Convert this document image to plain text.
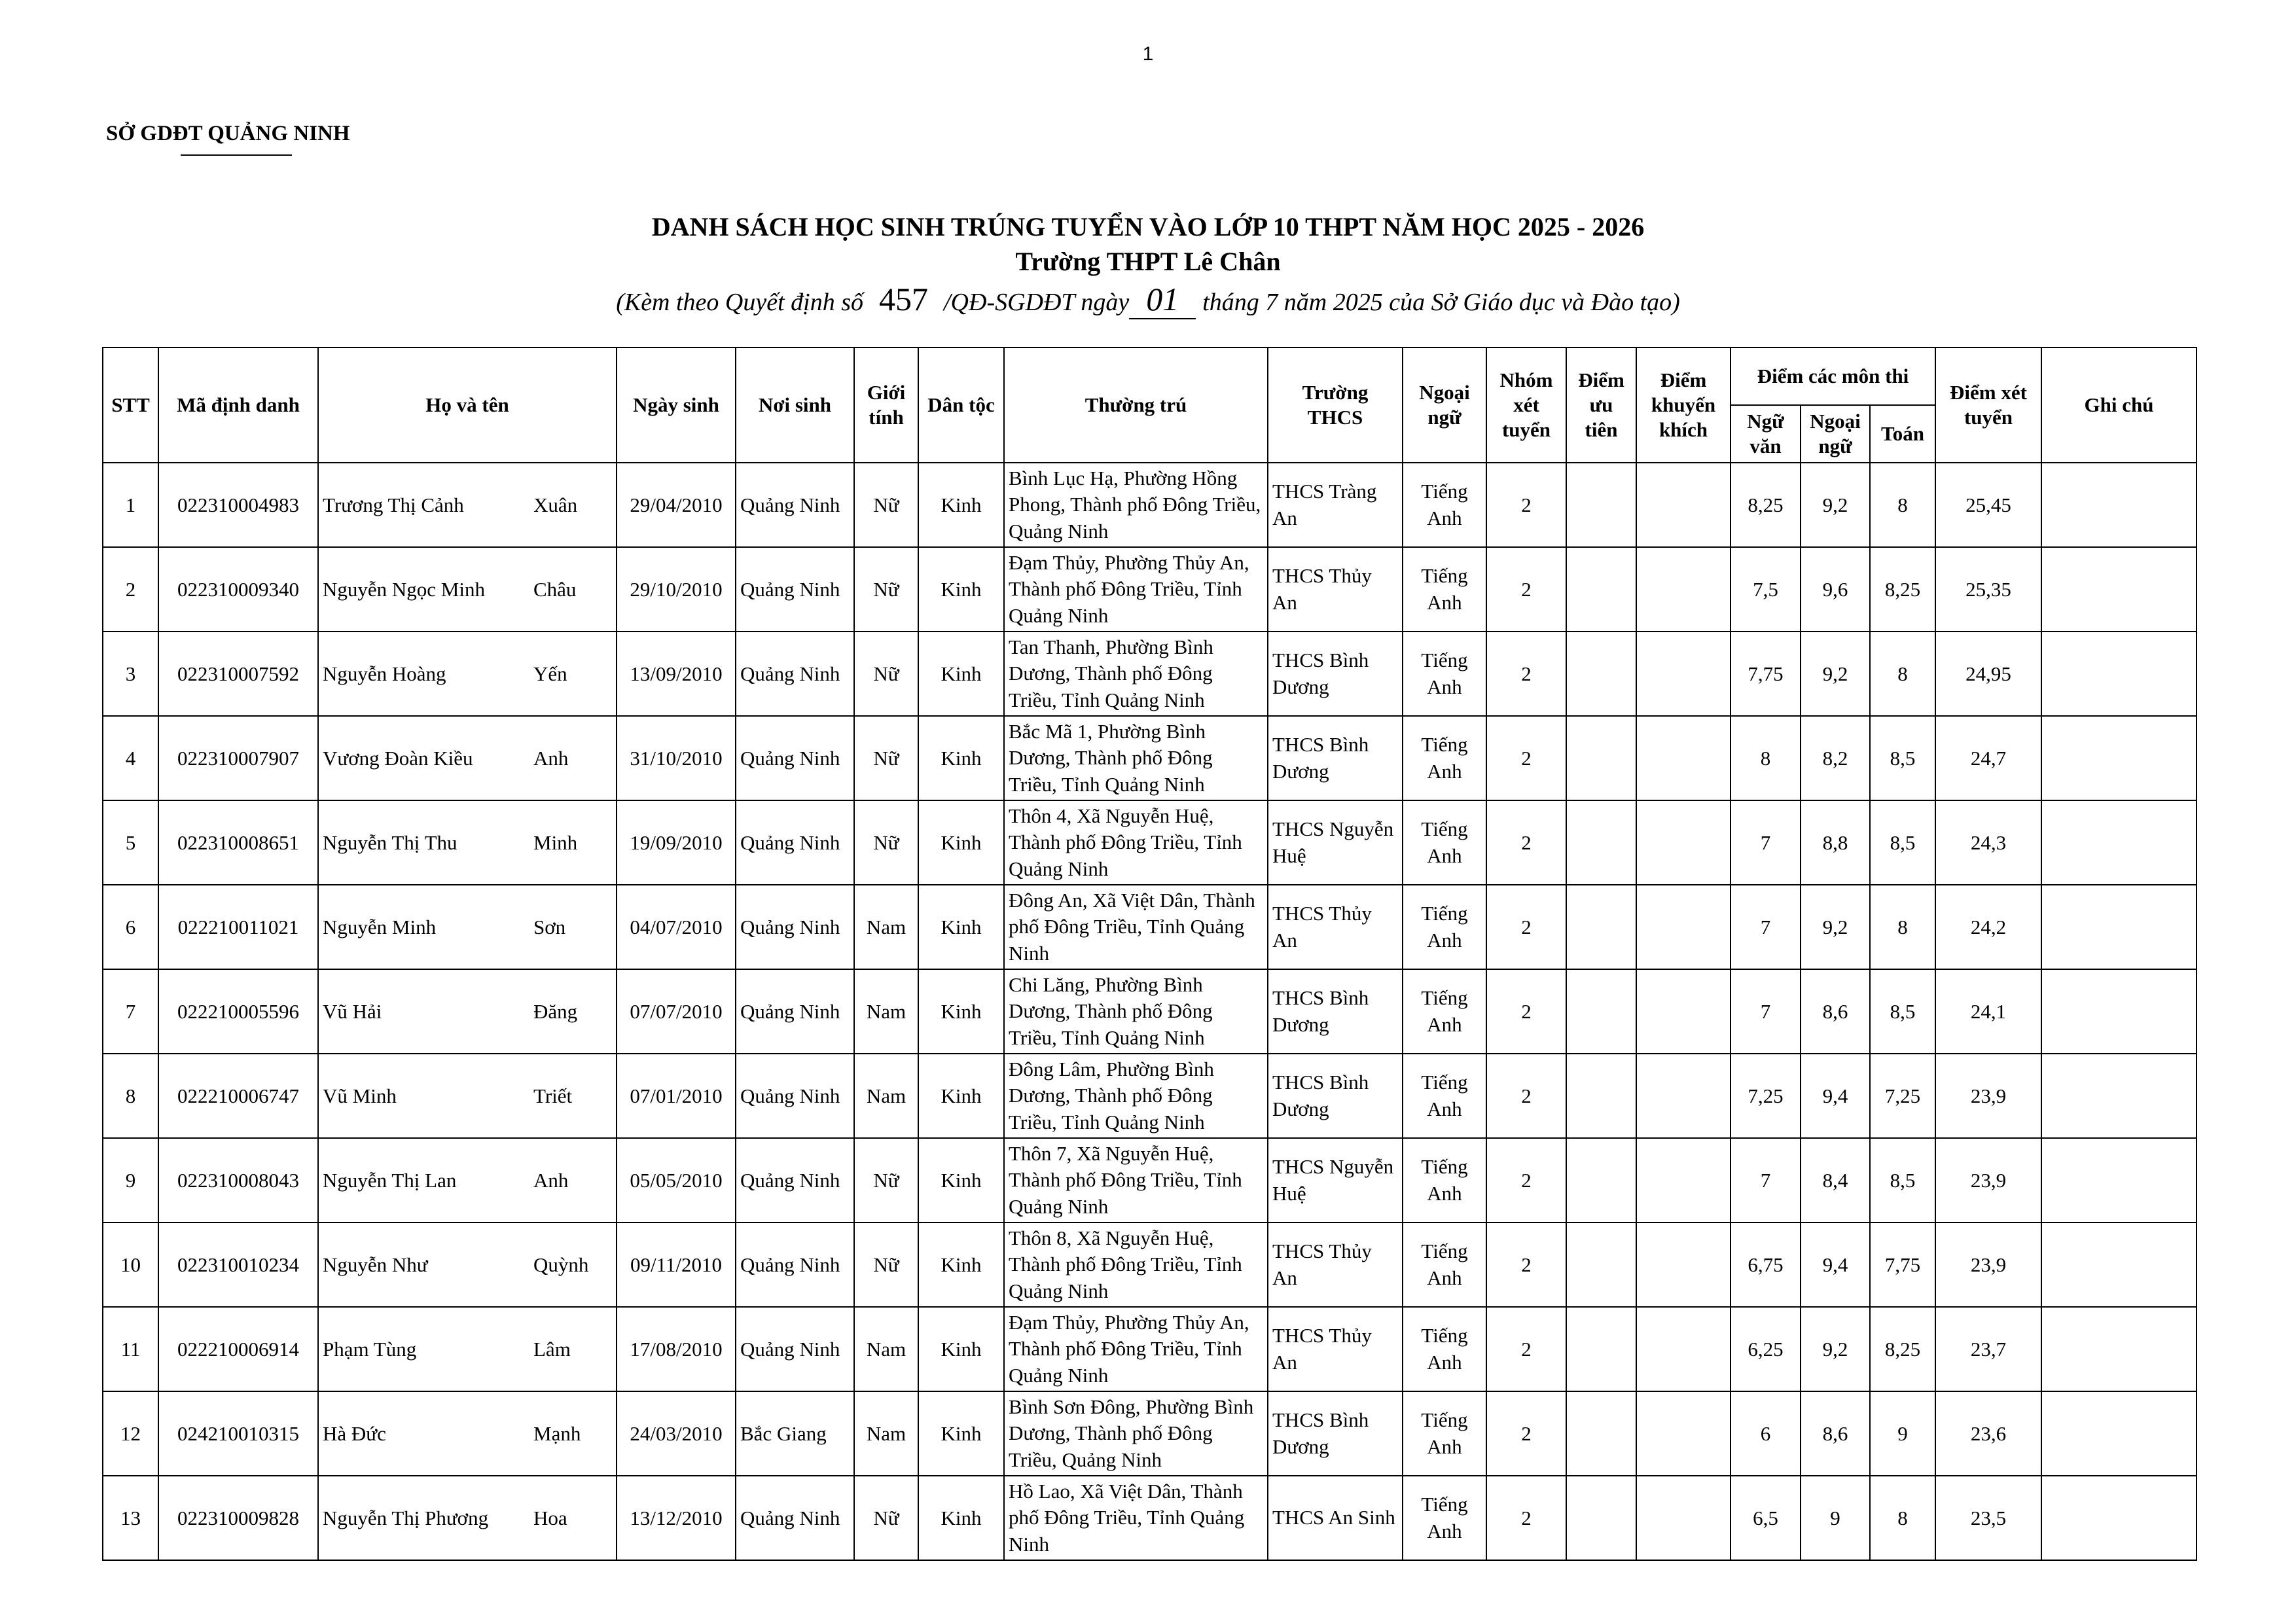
1
SỞ GDĐT QUẢNG NINH
DANH SÁCH HỌC SINH TRÚNG TUYỂN VÀO LỚP 10 THPT NĂM HỌC 2025 - 2026
Trường THPT Lê Chân
(Kèm theo Quyết định số 457 /QĐ-SGDĐT ngày 01 tháng 7 năm 2025 của Sở Giáo dục và Đào tạo)
STT	Mã định danh	Họ và tên	Ngày sinh	Nơi sinh	Giới tính	Dân tộc	Thường trú	Trường THCS	Ngoại ngữ	Nhóm xét tuyển	Điểm ưu tiên	Điểm khuyến khích	Điểm các môn thi			Điểm xét tuyển	Ghi chú
													Ngữ văn	Ngoại ngữ	Toán		
1	022310004983	Trương Thị Cảnh Xuân	29/04/2010	Quảng Ninh	Nữ	Kinh	Bình Lục Hạ, Phường Hồng Phong, Thành phố Đông Triều, Quảng Ninh	THCS Tràng An	Tiếng Anh	2			8,25	9,2	8	25,45	
2	022310009340	Nguyễn Ngọc Minh Châu	29/10/2010	Quảng Ninh	Nữ	Kinh	Đạm Thủy, Phường Thủy An, Thành phố Đông Triều, Tỉnh Quảng Ninh	THCS Thủy An	Tiếng Anh	2			7,5	9,6	8,25	25,35	
3	022310007592	Nguyễn Hoàng Yến	13/09/2010	Quảng Ninh	Nữ	Kinh	Tan Thanh, Phường Bình Dương, Thành phố Đông Triều, Tỉnh Quảng Ninh	THCS Bình Dương	Tiếng Anh	2			7,75	9,2	8	24,95	
4	022310007907	Vương Đoàn Kiều Anh	31/10/2010	Quảng Ninh	Nữ	Kinh	Bắc Mã 1, Phường Bình Dương, Thành phố Đông Triều, Tỉnh Quảng Ninh	THCS Bình Dương	Tiếng Anh	2			8	8,2	8,5	24,7	
5	022310008651	Nguyễn Thị Thu Minh	19/09/2010	Quảng Ninh	Nữ	Kinh	Thôn 4, Xã Nguyễn Huệ, Thành phố Đông Triều, Tỉnh Quảng Ninh	THCS Nguyễn Huệ	Tiếng Anh	2			7	8,8	8,5	24,3	
6	022210011021	Nguyễn Minh Sơn	04/07/2010	Quảng Ninh	Nam	Kinh	Đông An, Xã Việt Dân, Thành phố Đông Triều, Tỉnh Quảng Ninh	THCS Thủy An	Tiếng Anh	2			7	9,2	8	24,2	
7	022210005596	Vũ Hải Đăng	07/07/2010	Quảng Ninh	Nam	Kinh	Chi Lăng, Phường Bình Dương, Thành phố Đông Triều, Tỉnh Quảng Ninh	THCS Bình Dương	Tiếng Anh	2			7	8,6	8,5	24,1	
8	022210006747	Vũ Minh Triết	07/01/2010	Quảng Ninh	Nam	Kinh	Đông Lâm, Phường Bình Dương, Thành phố Đông Triều, Tỉnh Quảng Ninh	THCS Bình Dương	Tiếng Anh	2			7,25	9,4	7,25	23,9	
9	022310008043	Nguyễn Thị Lan Anh	05/05/2010	Quảng Ninh	Nữ	Kinh	Thôn 7, Xã Nguyễn Huệ, Thành phố Đông Triều, Tỉnh Quảng Ninh	THCS Nguyễn Huệ	Tiếng Anh	2			7	8,4	8,5	23,9	
10	022310010234	Nguyễn Như Quỳnh	09/11/2010	Quảng Ninh	Nữ	Kinh	Thôn 8, Xã Nguyễn Huệ, Thành phố Đông Triều, Tỉnh Quảng Ninh	THCS Thủy An	Tiếng Anh	2			6,75	9,4	7,75	23,9	
11	022210006914	Phạm Tùng Lâm	17/08/2010	Quảng Ninh	Nam	Kinh	Đạm Thủy, Phường Thủy An, Thành phố Đông Triều, Tỉnh Quảng Ninh	THCS Thủy An	Tiếng Anh	2			6,25	9,2	8,25	23,7	
12	024210010315	Hà Đức Mạnh	24/03/2010	Bắc Giang	Nam	Kinh	Bình Sơn Đông, Phường Bình Dương, Thành phố Đông Triều, Quảng Ninh	THCS Bình Dương	Tiếng Anh	2			6	8,6	9	23,6	
13	022310009828	Nguyễn Thị Phương Hoa	13/12/2010	Quảng Ninh	Nữ	Kinh	Hồ Lao, Xã Việt Dân, Thành phố Đông Triều, Tỉnh Quảng Ninh	THCS An Sinh	Tiếng Anh	2			6,5	9	8	23,5	
